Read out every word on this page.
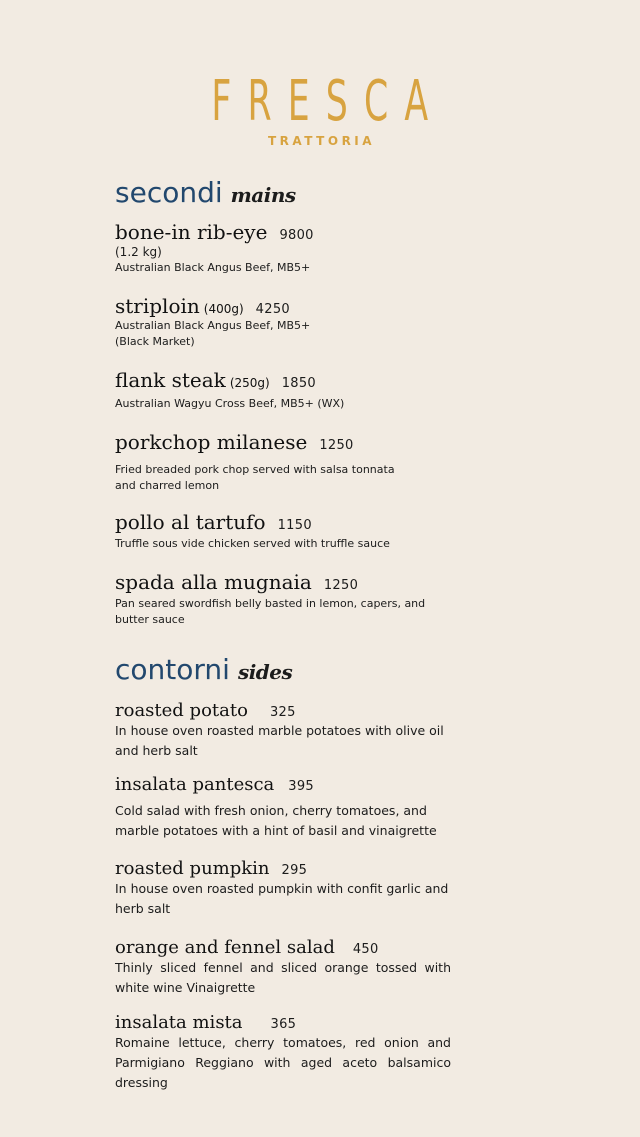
FRESCA
TRATTORIA
secondi mains
bone-in rib-eye 9800
(1.2 kg)
Australian Black Angus Beef, MB5+
striploin (400g) 4250
Australian Black Angus Beef, MB5+
(Black Market)
flank steak (250g) 1850
Australian Wagyu Cross Beef, MB5+ (WX)
porkchop milanese 1250
Fried breaded pork chop served with salsa tonnata and charred lemon
pollo al tartufo 1150
Truffle sous vide chicken served with truffle sauce
spada alla mugnaia 1250
Pan seared swordfish belly basted in lemon, capers, and butter sauce
contorni sides
roasted potato 325
In house oven roasted marble potatoes with olive oil and herb salt
insalata pantesca 395
Cold salad with fresh onion, cherry tomatoes, and marble potatoes with a hint of basil and vinaigrette
roasted pumpkin 295
In house oven roasted pumpkin with confit garlic and herb salt
orange and fennel salad 450
Thinly sliced fennel and sliced orange tossed with white wine Vinaigrette
insalata mista 365
Romaine lettuce, cherry tomatoes, red onion and Parmigiano Reggiano with aged aceto balsamico dressing
